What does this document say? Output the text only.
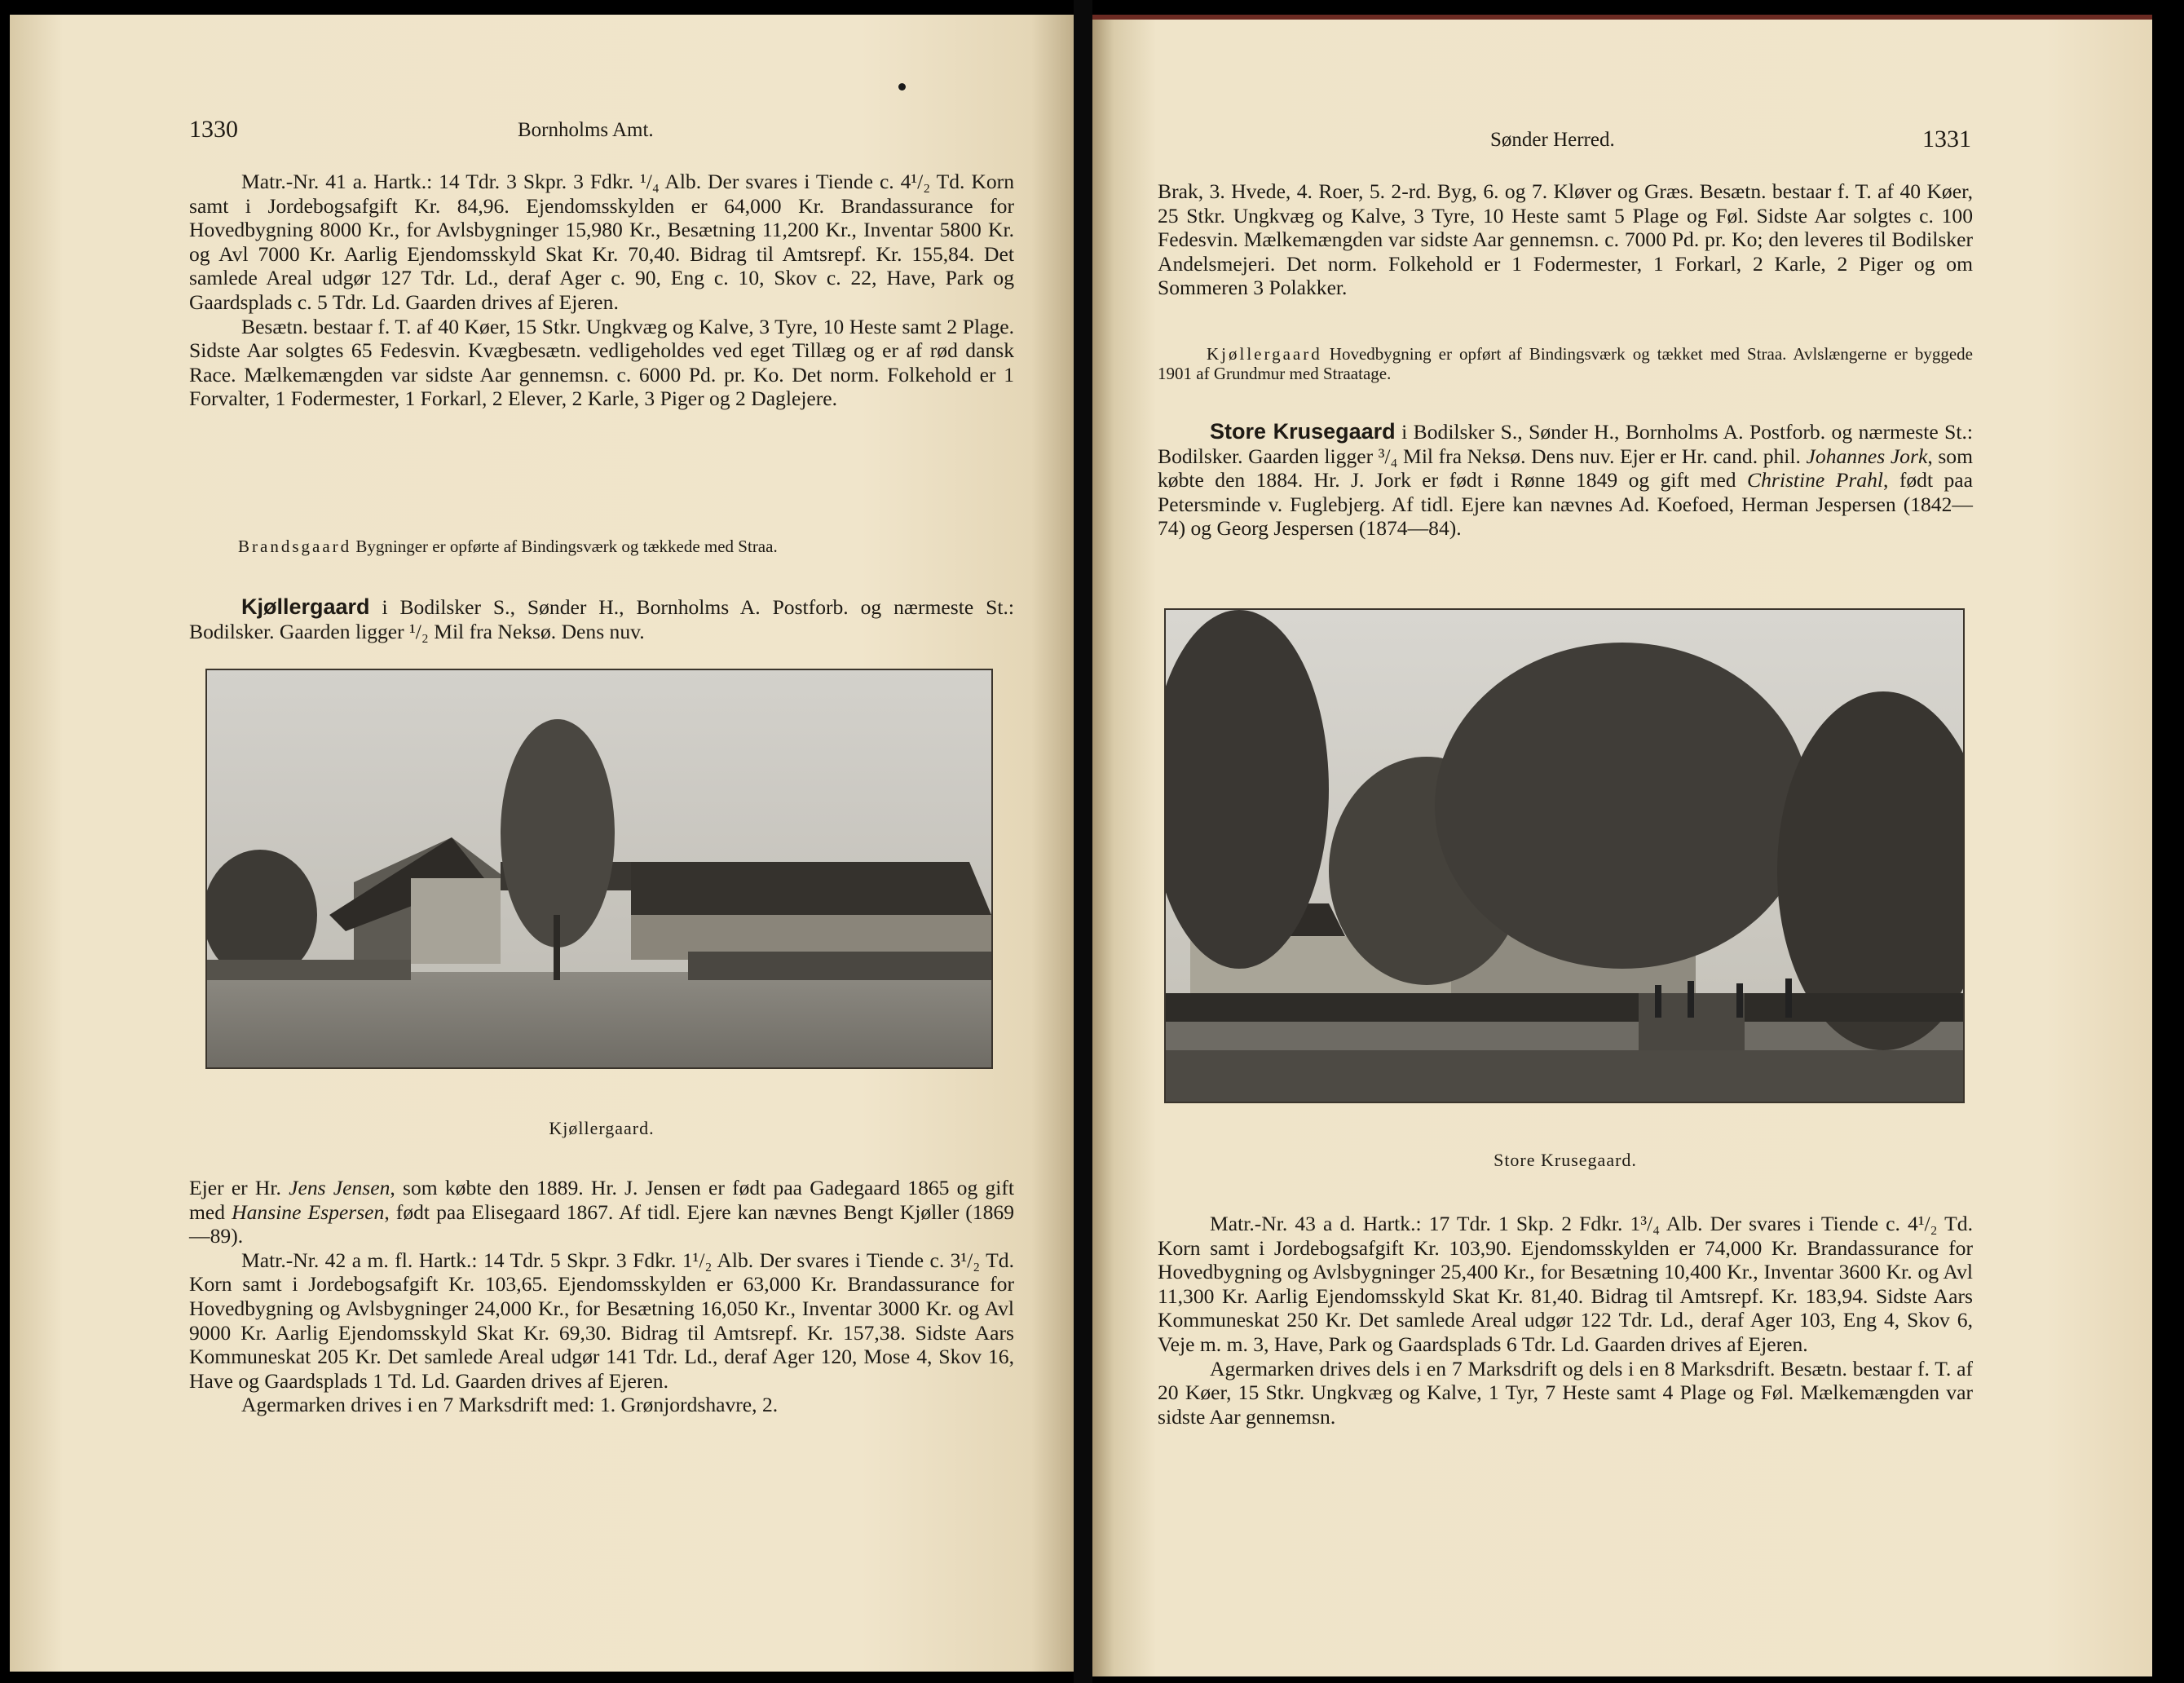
1330	Bornholms Amt.

Matr.-Nr. 41 a. Hartk.: 14 Tdr. 3 Skpr. 3 Fdkr. ¹/₄ Alb. Der svares i Tiende c. 4¹/₂ Td. Korn samt i Jordebogsafgift Kr. 84,96. Ejendomsskylden er 64,000 Kr. Brandassurance for Hovedbygning 8000 Kr., for Avlsbygninger 15,980 Kr., Besætning 11,200 Kr., Inventar 5800 Kr. og Avl 7000 Kr. Aarlig Ejendomsskyld Skat Kr. 70,40. Bidrag til Amtsrepf. Kr. 155,84. Det samlede Areal udgør 127 Tdr. Ld., deraf Ager c. 90, Eng c. 10, Skov c. 22, Have, Park og Gaardsplads c. 5 Tdr. Ld. Gaarden drives af Ejeren.

Besætn. bestaar f. T. af 40 Køer, 15 Stkr. Ungkvæg og Kalve, 3 Tyre, 10 Heste samt 2 Plage. Sidste Aar solgtes 65 Fedesvin. Kvægbesætn. vedligeholdes ved eget Tillæg og er af rød dansk Race. Mælkemængden var sidste Aar gennemsn. c. 6000 Pd. pr. Ko. Det norm. Folkehold er 1 Forvalter, 1 Fodermester, 1 Forkarl, 2 Elever, 2 Karle, 3 Piger og 2 Daglejere.

Brandsgaard Bygninger er opførte af Bindingsværk og tækkede med Straa.

Kjøllergaard i Bodilsker S., Sønder H., Bornholms A. Postforb. og nærmeste St.: Bodilsker. Gaarden ligger ¹/₂ Mil fra Neksø. Dens nuv.

Kjøllergaard.

Ejer er Hr. Jens Jensen, som købte den 1889. Hr. J. Jensen er født paa Gadegaard 1865 og gift med Hansine Espersen, født paa Elisegaard 1867. Af tidl. Ejere kan nævnes Bengt Kjøller (1869—89).

Matr.-Nr. 42 a m. fl. Hartk.: 14 Tdr. 5 Skpr. 3 Fdkr. 1¹/₂ Alb. Der svares i Tiende c. 3¹/₂ Td. Korn samt i Jordebogsafgift Kr. 103,65. Ejendomsskylden er 63,000 Kr. Brandassurance for Hovedbygning og Avlsbygninger 24,000 Kr., for Besætning 16,050 Kr., Inventar 3000 Kr. og Avl 9000 Kr. Aarlig Ejendomsskyld Skat Kr. 69,30. Bidrag til Amtsrepf. Kr. 157,38. Sidste Aars Kommuneskat 205 Kr. Det samlede Areal udgør 141 Tdr. Ld., deraf Ager 120, Mose 4, Skov 16, Have og Gaardsplads 1 Td. Ld. Gaarden drives af Ejeren.

Agermarken drives i en 7 Marksdrift med: 1. Grønjordshavre, 2.

Sønder Herred.	1331

Brak, 3. Hvede, 4. Roer, 5. 2-rd. Byg, 6. og 7. Kløver og Græs. Besætn. bestaar f. T. af 40 Køer, 25 Stkr. Ungkvæg og Kalve, 3 Tyre, 10 Heste samt 5 Plage og Føl. Sidste Aar solgtes c. 100 Fedesvin. Mælkemængden var sidste Aar gennemsn. c. 7000 Pd. pr. Ko; den leveres til Bodilsker Andelsmejeri. Det norm. Folkehold er 1 Fodermester, 1 Forkarl, 2 Karle, 2 Piger og om Sommeren 3 Polakker.

Kjøllergaard Hovedbygning er opført af Bindingsværk og tækket med Straa. Avlslængerne er byggede 1901 af Grundmur med Straatage.

Store Krusegaard i Bodilsker S., Sønder H., Bornholms A. Postforb. og nærmeste St.: Bodilsker. Gaarden ligger ³/₄ Mil fra Neksø. Dens nuv. Ejer er Hr. cand. phil. Johannes Jork, som købte den 1884. Hr. J. Jork er født i Rønne 1849 og gift med Christine Prahl, født paa Petersminde v. Fuglebjerg. Af tidl. Ejere kan nævnes Ad. Koefoed, Herman Jespersen (1842—74) og Georg Jespersen (1874—84).

Store Krusegaard.

Matr.-Nr. 43 a d. Hartk.: 17 Tdr. 1 Skp. 2 Fdkr. 1³/₄ Alb. Der svares i Tiende c. 4¹/₂ Td. Korn samt i Jordebogsafgift Kr. 103,90. Ejendomsskylden er 74,000 Kr. Brandassurance for Hovedbygning og Avlsbygninger 25,400 Kr., for Besætning 10,400 Kr., Inventar 3600 Kr. og Avl 11,300 Kr. Aarlig Ejendomsskyld Skat Kr. 81,40. Bidrag til Amtsrepf. Kr. 183,94. Sidste Aars Kommuneskat 250 Kr. Det samlede Areal udgør 122 Tdr. Ld., deraf Ager 103, Eng 4, Skov 6, Veje m. m. 3, Have, Park og Gaardsplads 6 Tdr. Ld. Gaarden drives af Ejeren.

Agermarken drives dels i en 7 Marksdrift og dels i en 8 Marksdrift. Besætn. bestaar f. T. af 20 Køer, 15 Stkr. Ungkvæg og Kalve, 1 Tyr, 7 Heste samt 4 Plage og Føl. Mælkemængden var sidste Aar gennemsn.
